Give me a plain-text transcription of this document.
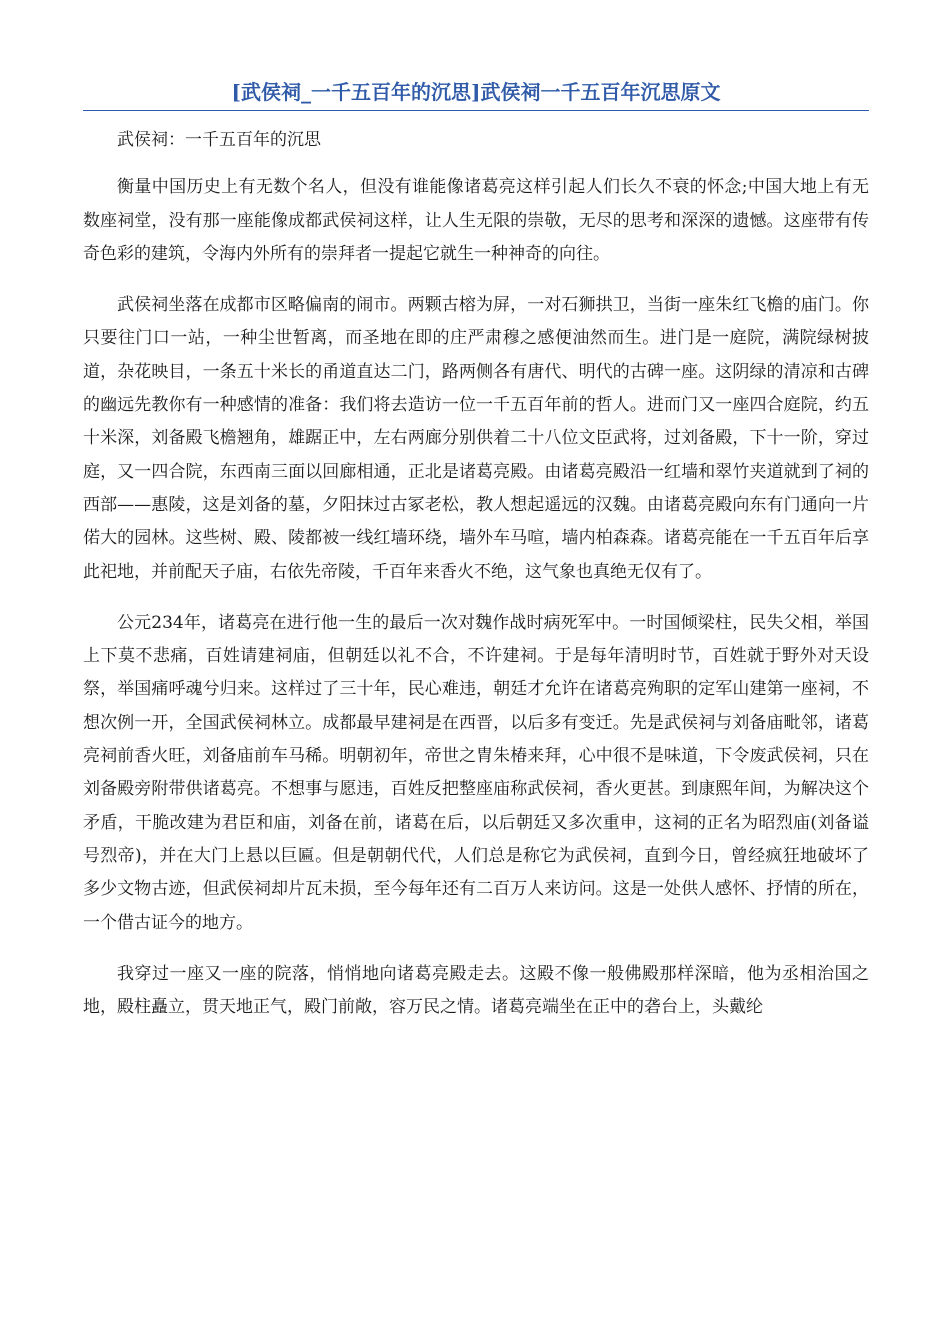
[武侯祠_一千五百年的沉思]武侯祠一千五百年沉思原文

武侯祠：一千五百年的沉思

衡量中国历史上有无数个名人，但没有谁能像诸葛亮这样引起人们长久不衰的怀念;中国大地上有无数座祠堂，没有那一座能像成都武侯祠这样，让人生无限的崇敬，无尽的思考和深深的遗憾。这座带有传奇色彩的建筑，令海内外所有的崇拜者一提起它就生一种神奇的向往。

武侯祠坐落在成都市区略偏南的闹市。两颗古榕为屏，一对石狮拱卫，当街一座朱红飞檐的庙门。你只要往门口一站，一种尘世暂离，而圣地在即的庄严肃穆之感便油然而生。进门是一庭院，满院绿树披道，杂花映目，一条五十米长的甬道直达二门，路两侧各有唐代、明代的古碑一座。这阴绿的清凉和古碑的幽远先教你有一种感情的准备：我们将去造访一位一千五百年前的哲人。进而门又一座四合庭院，约五十米深，刘备殿飞檐翘角，雄踞正中，左右两廊分别供着二十八位文臣武将，过刘备殿，下十一阶，穿过庭，又一四合院，东西南三面以回廊相通，正北是诸葛亮殿。由诸葛亮殿沿一红墙和翠竹夹道就到了祠的西部——惠陵，这是刘备的墓，夕阳抹过古冢老松，教人想起遥远的汉魏。由诸葛亮殿向东有门通向一片偌大的园林。这些树、殿、陵都被一线红墙环绕，墙外车马喧，墙内柏森森。诸葛亮能在一千五百年后享此祀地，并前配天子庙，右依先帝陵，千百年来香火不绝，这气象也真绝无仅有了。

公元234年，诸葛亮在进行他一生的最后一次对魏作战时病死军中。一时国倾梁柱，民失父相，举国上下莫不悲痛，百姓请建祠庙，但朝廷以礼不合，不许建祠。于是每年清明时节，百姓就于野外对天设祭，举国痛呼魂兮归来。这样过了三十年，民心难违，朝廷才允许在诸葛亮殉职的定军山建第一座祠，不想次例一开，全国武侯祠林立。成都最早建祠是在西晋，以后多有变迁。先是武侯祠与刘备庙毗邻，诸葛亮祠前香火旺，刘备庙前车马稀。明朝初年，帝世之胄朱椿来拜，心中很不是味道，下令废武侯祠，只在刘备殿旁附带供诸葛亮。不想事与愿违，百姓反把整座庙称武侯祠，香火更甚。到康熙年间，为解决这个矛盾，干脆改建为君臣和庙，刘备在前，诸葛在后，以后朝廷又多次重申，这祠的正名为昭烈庙(刘备谥号烈帝)，并在大门上悬以巨匾。但是朝朝代代，人们总是称它为武侯祠，直到今日，曾经疯狂地破坏了多少文物古迹，但武侯祠却片瓦未损，至今每年还有二百万人来访问。这是一处供人感怀、抒情的所在，一个借古证今的地方。

我穿过一座又一座的院落，悄悄地向诸葛亮殿走去。这殿不像一般佛殿那样深暗，他为丞相治国之地，殿柱矗立，贯天地正气，殿门前敞，容万民之情。诸葛亮端坐在正中的砻台上，头戴纶
